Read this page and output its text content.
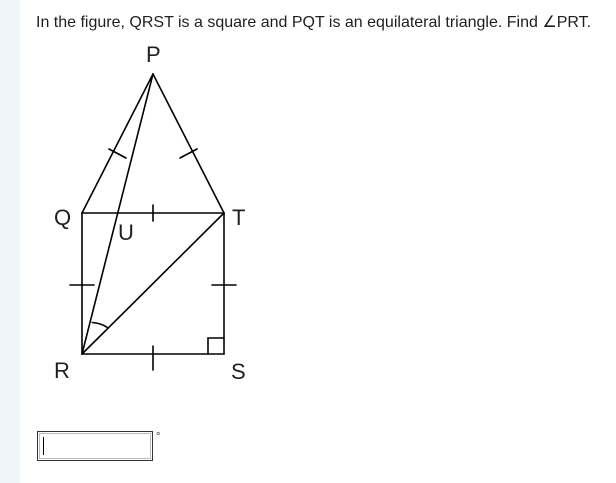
In the figure, QRST is a square and PQT is an equilateral triangle. Find ∠PRT.
P
Q	T
U
R	S
°
